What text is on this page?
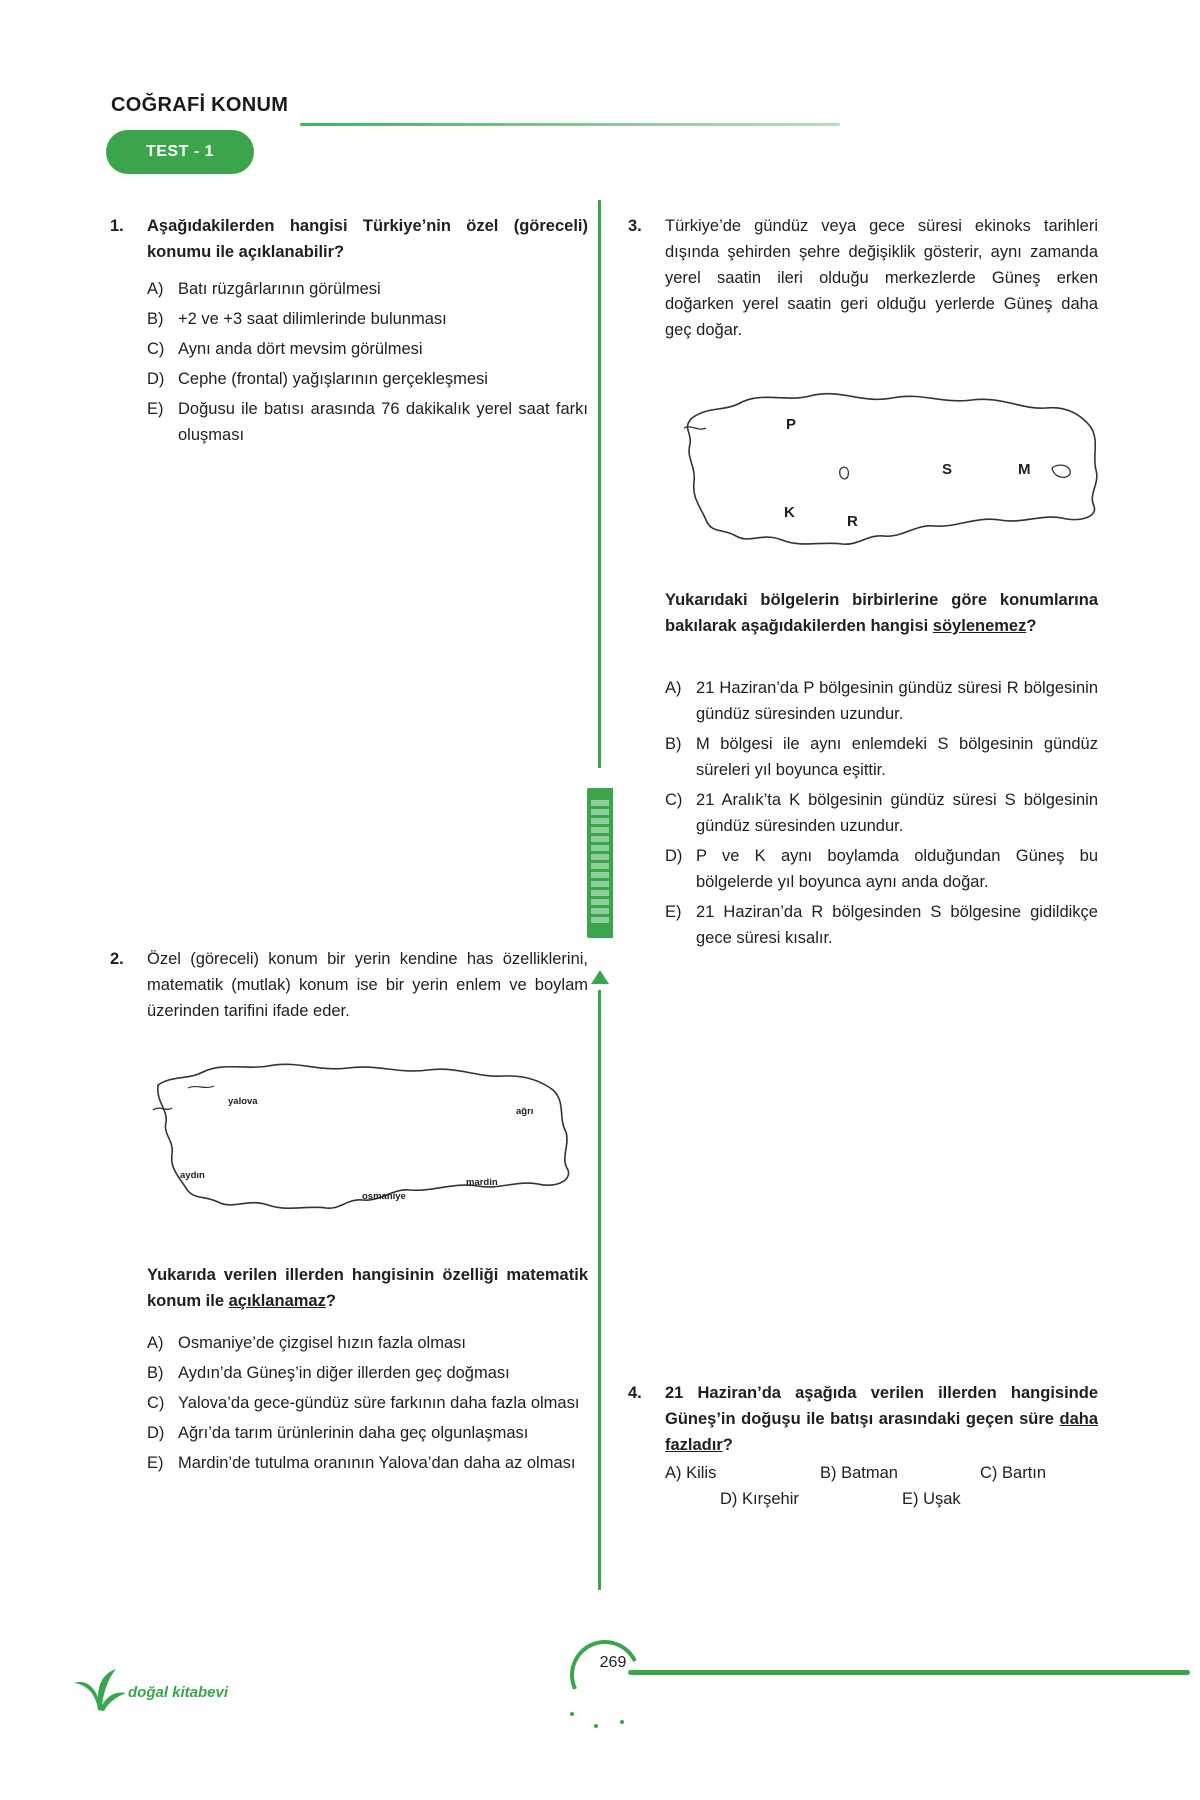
COĞRAFİ KONUM
TEST - 1
1. Aşağıdakilerden hangisi Türkiye’nin özel (göreceli) konumu ile açıklanabilir?
A) Batı rüzgârlarının görülmesi
B) +2 ve +3 saat dilimlerinde bulunması
C) Aynı anda dört mevsim görülmesi
D) Cephe (frontal) yağışlarının gerçekleşmesi
E) Doğusu ile batısı arasında 76 dakikalık yerel saat farkı oluşması
2. Özel (göreceli) konum bir yerin kendine has özelliklerini, matematik (mutlak) konum ise bir yerin enlem ve boylam üzerinden tarifini ifade eder.
yalova
ağrı
aydın
mardin
osmaniye
Yukarıda verilen illerden hangisinin özelliği matematik konum ile açıklanamaz?
A) Osmaniye’de çizgisel hızın fazla olması
B) Aydın’da Güneş’in diğer illerden geç doğması
C) Yalova’da gece-gündüz süre farkının daha fazla olması
D) Ağrı’da tarım ürünlerinin daha geç olgunlaşması
E) Mardin’de tutulma oranının Yalova’dan daha az olması
3. Türkiye’de gündüz veya gece süresi ekinoks tarihleri dışında şehirden şehre değişiklik gösterir, aynı zamanda yerel saatin ileri olduğu merkezlerde Güneş erken doğarken yerel saatin geri olduğu yerlerde Güneş daha geç doğar.
P
S	M
K
R
Yukarıdaki bölgelerin birbirlerine göre konumlarına bakılarak aşağıdakilerden hangisi söylenemez?
A) 21 Haziran’da P bölgesinin gündüz süresi R bölgesinin gündüz süresinden uzundur.
B) M bölgesi ile aynı enlemdeki S bölgesinin gündüz süreleri yıl boyunca eşittir.
C) 21 Aralık’ta K bölgesinin gündüz süresi S bölgesinin gündüz süresinden uzundur.
D) P ve K aynı boylamda olduğundan Güneş bu bölgelerde yıl boyunca aynı anda doğar.
E) 21 Haziran’da R bölgesinden S bölgesine gidildikçe gece süresi kısalır.
4. 21 Haziran’da aşağıda verilen illerden hangisinde Güneş’in doğuşu ile batışı arasındaki geçen süre daha fazladır?
A) Kilis	B) Batman	C) Bartın
D) Kırşehir	E) Uşak
doğal kitabevi
269
